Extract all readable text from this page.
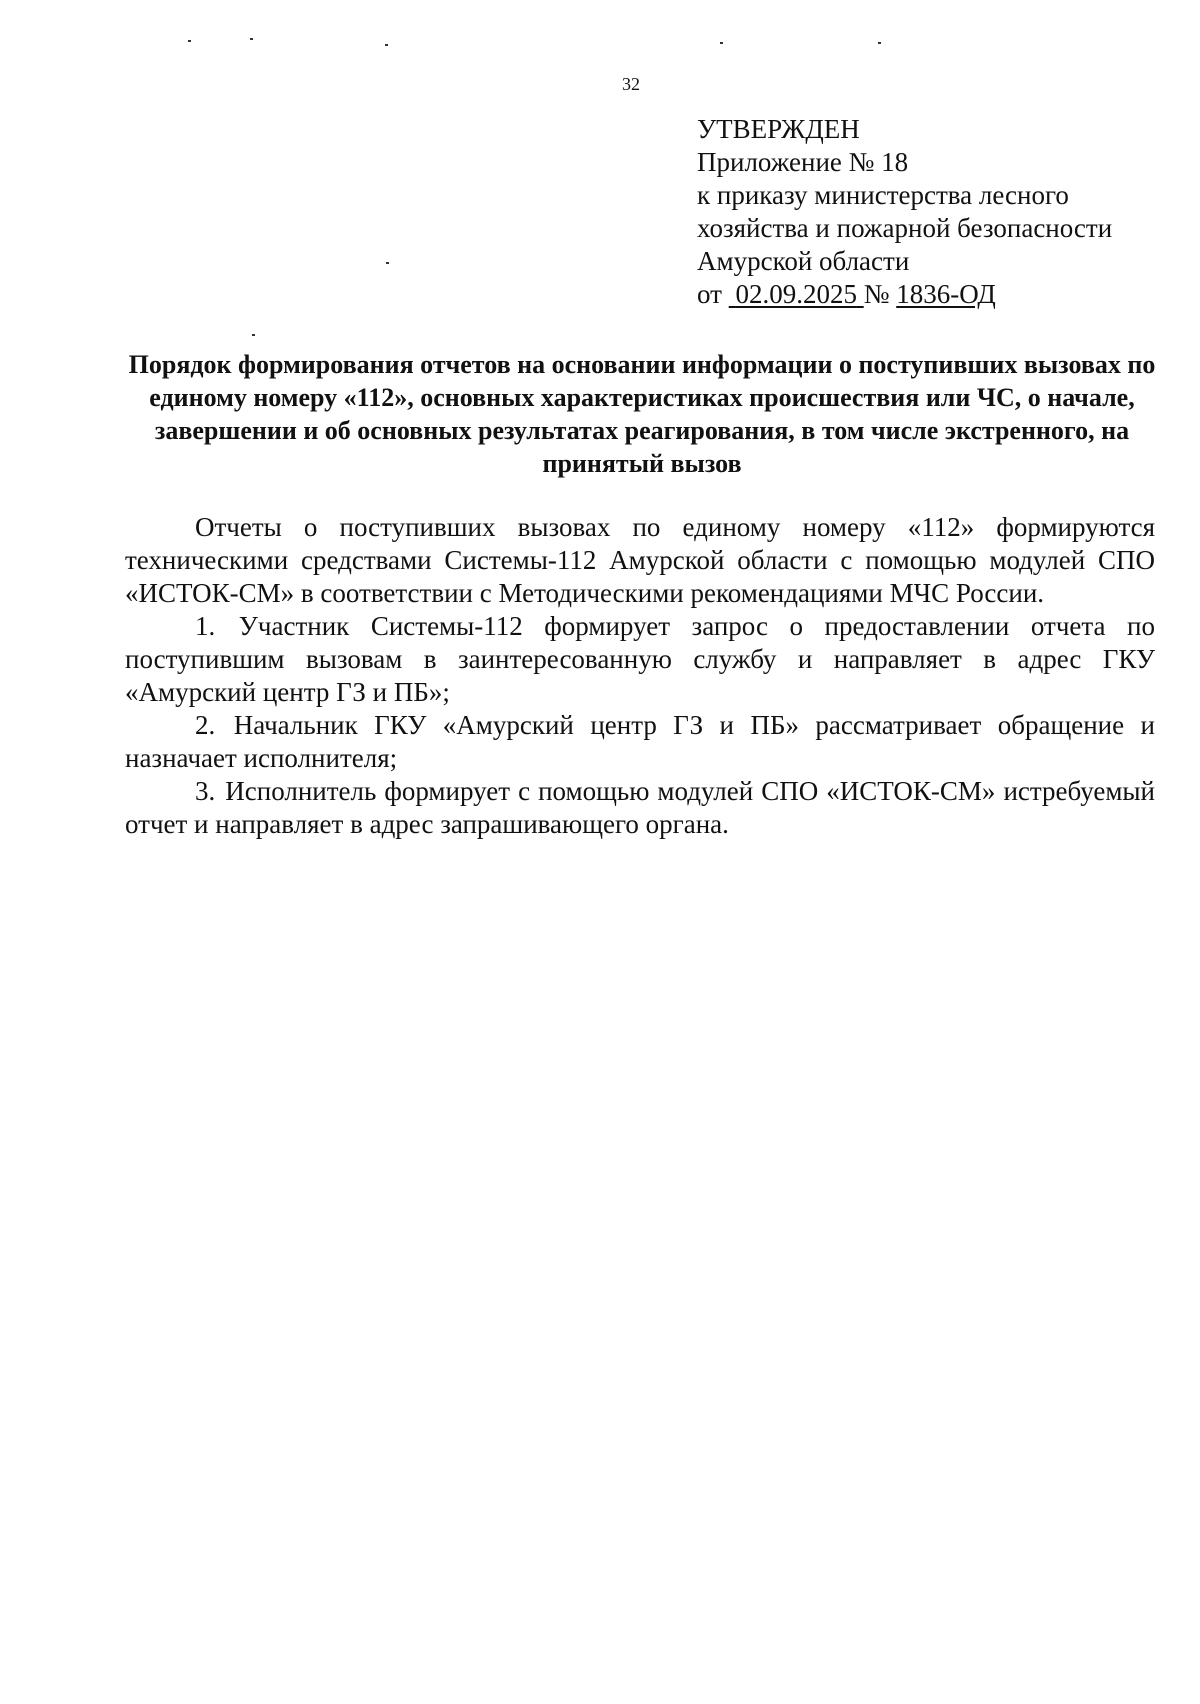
32
УТВЕРЖДЕН
Приложение № 18
к приказу министерства лесного
хозяйства и пожарной безопасности
Амурской области
от 02.09.2025 № 1836-ОД
Порядок формирования отчетов на основании информации о поступивших вызовах по единому номеру «112», основных характеристиках происшествия или ЧС, о начале, завершении и об основных результатах реагирования, в том числе экстренного, на принятый вызов

Отчеты о поступивших вызовах по единому номеру «112» формируются техническими средствами Системы-112 Амурской области с помощью модулей СПО «ИСТОК-СМ» в соответствии с Методическими рекомендациями МЧС России.

1. Участник Системы-112 формирует запрос о предоставлении отчета по поступившим вызовам в заинтересованную службу и направляет в адрес ГКУ «Амурский центр ГЗ и ПБ»;

2. Начальник ГКУ «Амурский центр ГЗ и ПБ» рассматривает обращение и назначает исполнителя;

3. Исполнитель формирует с помощью модулей СПО «ИСТОК-СМ» истребуемый отчет и направляет в адрес запрашивающего органа.
